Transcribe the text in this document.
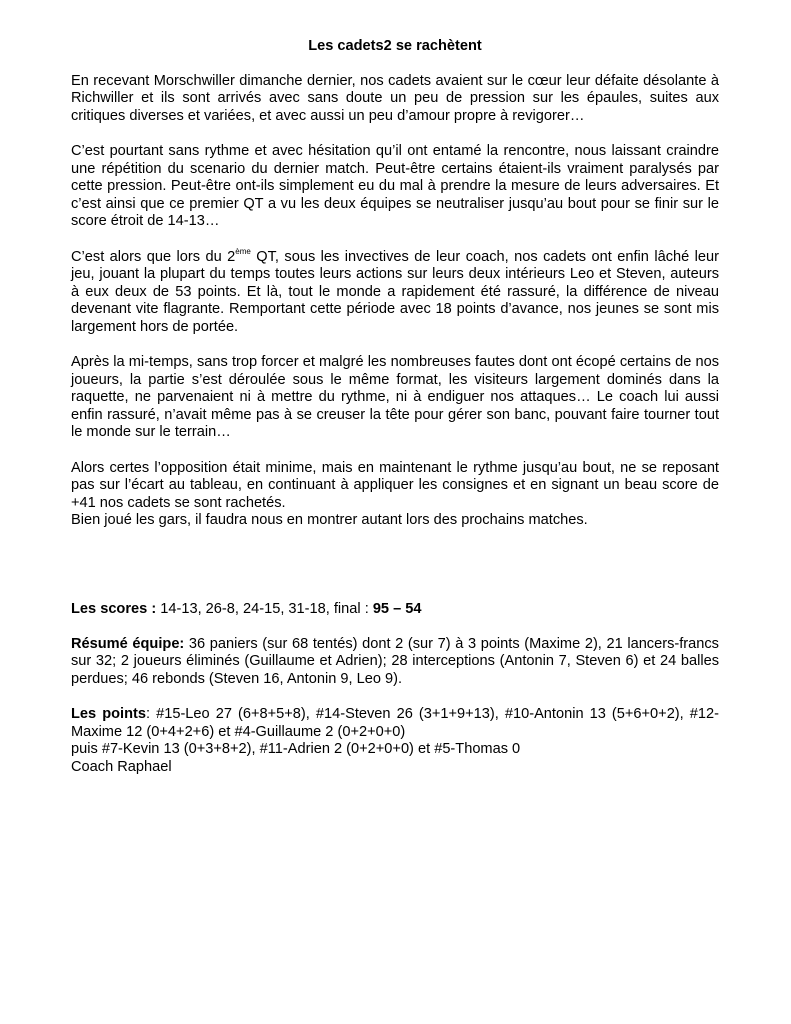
Les cadets2 se rachètent

En recevant Morschwiller dimanche dernier, nos cadets avaient sur le cœur leur défaite désolante à Richwiller et ils sont arrivés avec sans doute un peu de pression sur les épaules, suites aux critiques diverses et variées, et avec aussi un peu d’amour propre à revigorer…

C’est pourtant sans rythme et avec hésitation qu’il ont entamé la rencontre, nous laissant craindre une répétition du scenario du dernier match. Peut-être certains étaient-ils vraiment paralysés par cette pression. Peut-être ont-ils simplement eu du mal à prendre la mesure de leurs adversaires. Et c’est ainsi que ce premier QT a vu les deux équipes se neutraliser jusqu’au bout pour se finir sur le score étroit de 14-13…

C’est alors que lors du 2ème QT, sous les invectives de leur coach, nos cadets ont enfin lâché leur jeu, jouant la plupart du temps toutes leurs actions sur leurs deux intérieurs Leo et Steven, auteurs à eux deux de 53 points. Et là, tout le monde a rapidement été rassuré, la différence de niveau devenant vite flagrante. Remportant cette période avec 18 points d’avance, nos jeunes se sont mis largement hors de portée.

Après la mi-temps, sans trop forcer et malgré les nombreuses fautes dont ont écopé certains de nos joueurs, la partie s’est déroulée sous le même format, les visiteurs largement dominés dans la raquette, ne parvenaient ni à mettre du rythme, ni à endiguer nos attaques… Le coach lui aussi enfin rassuré, n’avait même pas à se creuser la tête pour gérer son banc, pouvant faire tourner tout le monde sur le terrain…

Alors certes l’opposition était minime, mais en maintenant le rythme jusqu’au bout, ne se reposant pas sur l’écart au tableau, en continuant à appliquer les consignes et en signant un beau score de +41 nos cadets se sont rachetés.

Bien joué les gars, il faudra nous en montrer autant lors des prochains matches.

Les scores : 14-13, 26-8, 24-15, 31-18, final : 95 – 54

Résumé équipe: 36 paniers (sur 68 tentés) dont 2 (sur 7) à 3 points (Maxime 2), 21 lancers-francs sur 32; 2 joueurs éliminés (Guillaume et Adrien); 28 interceptions (Antonin 7, Steven 6) et 24 balles perdues; 46 rebonds (Steven 16, Antonin 9, Leo 9).

Les points: #15-Leo 27 (6+8+5+8), #14-Steven 26 (3+1+9+13), #10-Antonin 13 (5+6+0+2), #12-Maxime 12 (0+4+2+6) et #4-Guillaume 2 (0+2+0+0)

puis #7-Kevin 13 (0+3+8+2), #11-Adrien 2 (0+2+0+0) et #5-Thomas 0

Coach Raphael
